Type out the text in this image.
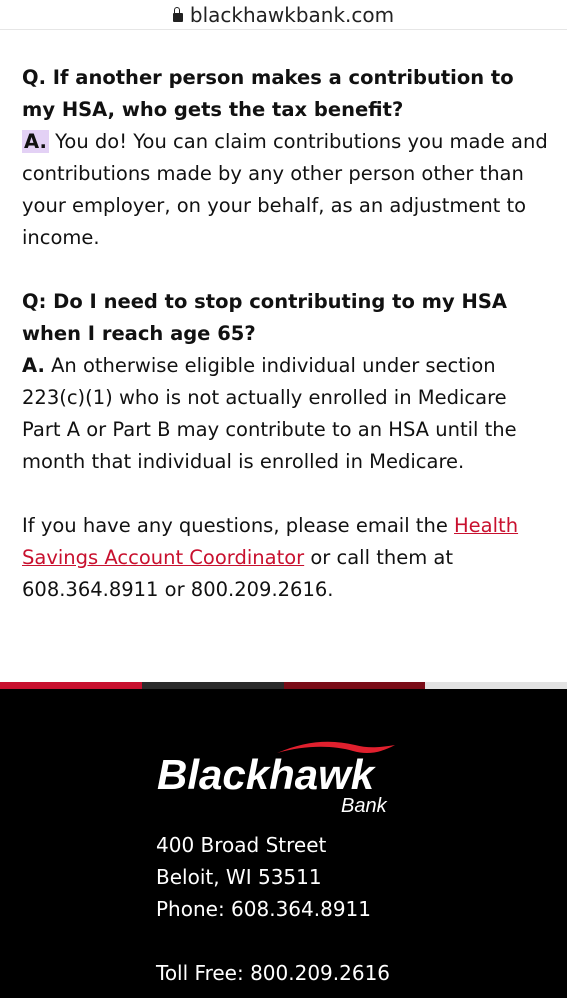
blackhawkbank.com

Q. If another person makes a contribution to my HSA, who gets the tax benefit?

A. You do! You can claim contributions you made and contributions made by any other person other than your employer, on your behalf, as an adjustment to income.

Q: Do I need to stop contributing to my HSA when I reach age 65?

A. An otherwise eligible individual under section 223(c)(1) who is not actually enrolled in Medicare Part A or Part B may contribute to an HSA until the month that individual is enrolled in Medicare.

If you have any questions, please email the Health Savings Account Coordinator or call them at 608.364.8911 or 800.209.2616.

Blackhawk
Bank
400 Broad Street
Beloit, WI 53511
Phone: 608.364.8911
Toll Free: 800.209.2616
